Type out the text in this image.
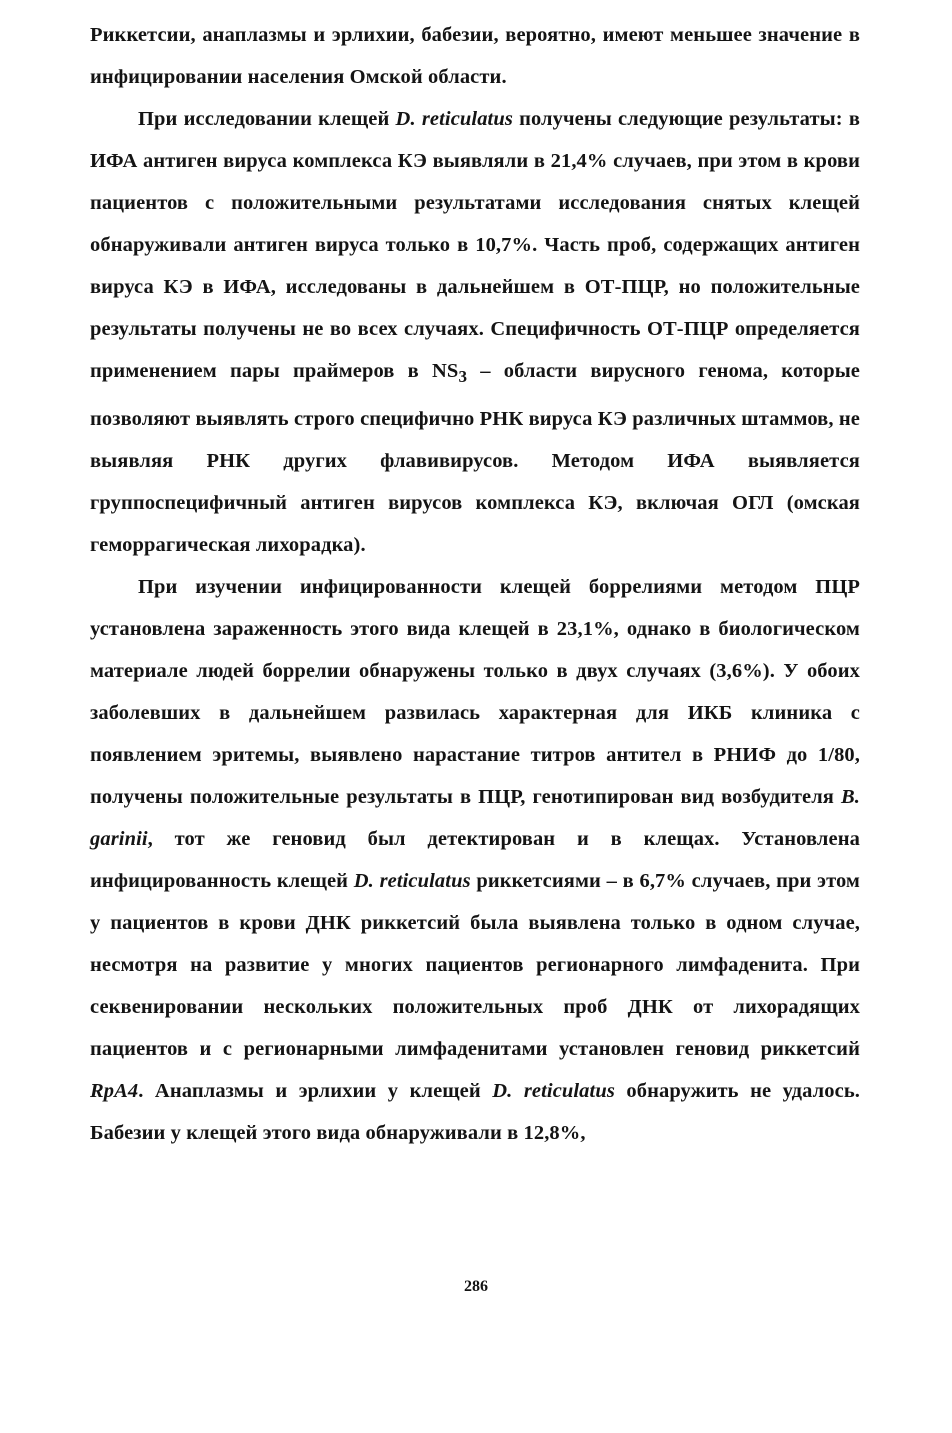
Риккетсии, анаплазмы и эрлихии, бабезии, вероятно, имеют меньшее значение в инфицировании населения Омской области.

При исследовании клещей D. reticulatus получены следующие результаты: в ИФА антиген вируса комплекса КЭ выявляли в 21,4% случаев, при этом в крови пациентов с положительными результатами исследования снятых клещей обнаруживали антиген вируса только в 10,7%. Часть проб, содержащих антиген вируса КЭ в ИФА, исследованы в дальнейшем в ОТ-ПЦР, но положительные результаты получены не во всех случаях. Специфичность ОТ-ПЦР определяется применением пары праймеров в $NS_3$ – области вирусного генома, которые позволяют выявлять строго специфично РНК вируса КЭ различных штаммов, не выявляя РНК других флавивирусов. Методом ИФА выявляется группоспецифичный антиген вирусов комплекса КЭ, включая ОГЛ (омская геморрагическая лихорадка).

При изучении инфицированности клещей боррелиями методом ПЦР установлена зараженность этого вида клещей в 23,1%, однако в биологическом материале людей боррелии обнаружены только в двух случаях (3,6%). У обоих заболевших в дальнейшем развилась характерная для ИКБ клиника с появлением эритемы, выявлено нарастание титров антител в РНИФ до 1/80, получены положительные результаты в ПЦР, генотипирован вид возбудителя B. garinii, тот же геновид был детектирован и в клещах. Установлена инфицированность клещей D. reticulatus риккетсиями – в 6,7% случаев, при этом у пациентов в крови ДНК риккетсий была выявлена только в одном случае, несмотря на развитие у многих пациентов регионарного лимфаденита. При секвенировании нескольких положительных проб ДНК от лихорадящих пациентов и с регионарными лимфаденитами установлен геновид риккетсий RpA4. Анаплазмы и эрлихии у клещей D. reticulatus обнаружить не удалось. Бабезии у клещей этого вида обнаруживали в 12,8%,

286
